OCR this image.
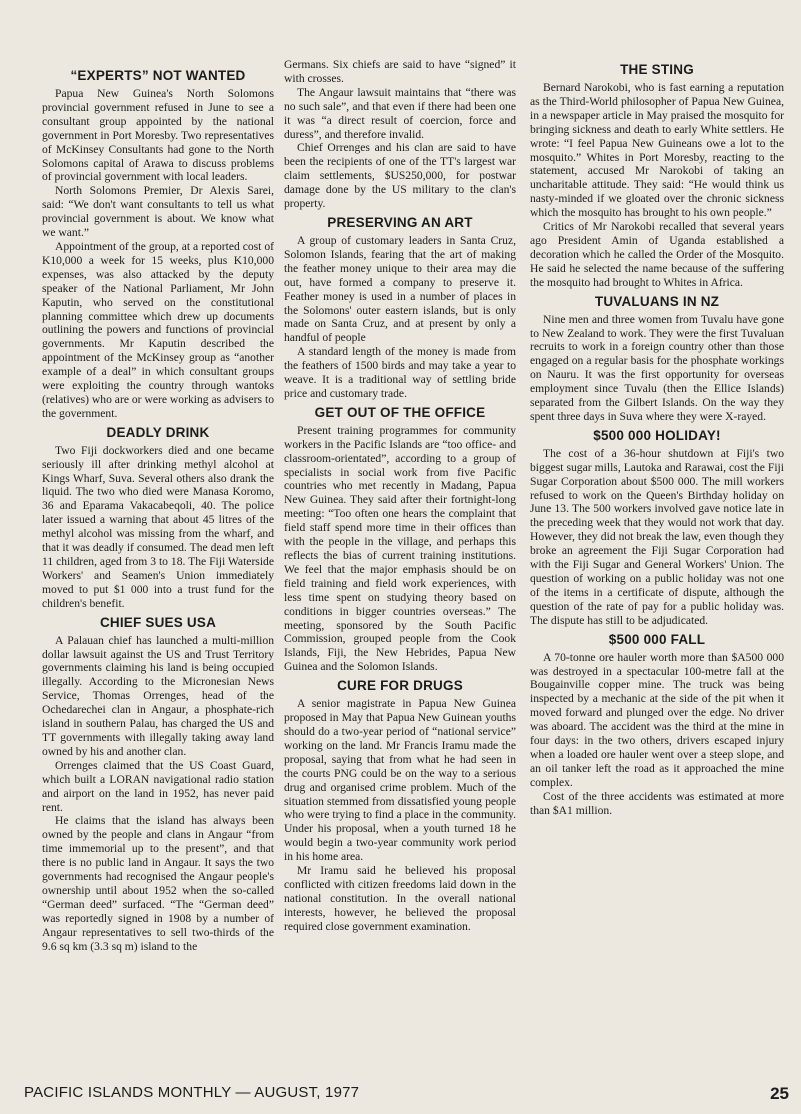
“EXPERTS” NOT WANTED

Papua New Guinea's North Solomons provincial government refused in June to see a consultant group appointed by the national government in Port Moresby. Two representatives of McKinsey Consultants had gone to the North Solomons capital of Arawa to discuss problems of provincial government with local leaders.

North Solomons Premier, Dr Alexis Sarei, said: “We don't want consultants to tell us what provincial government is about. We know what we want.”

Appointment of the group, at a reported cost of K10,000 a week for 15 weeks, plus K10,000 expenses, was also attacked by the deputy speaker of the National Parliament, Mr John Kaputin, who served on the constitutional planning committee which drew up documents outlining the powers and functions of provincial governments. Mr Kaputin described the appointment of the McKinsey group as “another example of a deal” in which consultant groups were exploiting the country through wantoks (relatives) who are or were working as advisers to the government.

DEADLY DRINK

Two Fiji dockworkers died and one became seriously ill after drinking methyl alcohol at Kings Wharf, Suva. Several others also drank the liquid. The two who died were Manasa Koromo, 36 and Eparama Vakacabeqoli, 40. The police later issued a warning that about 45 litres of the methyl alcohol was missing from the wharf, and that it was deadly if consumed. The dead men left 11 children, aged from 3 to 18. The Fiji Waterside Workers' and Seamen's Union immediately moved to put $1 000 into a trust fund for the children's benefit.

CHIEF SUES USA

A Palauan chief has launched a multi-million dollar lawsuit against the US and Trust Territory governments claiming his land is being occupied illegally. According to the Micronesian News Service, Thomas Orrenges, head of the Ochedarechei clan in Angaur, a phosphate-rich island in southern Palau, has charged the US and TT governments with illegally taking away land owned by his and another clan.

Orrenges claimed that the US Coast Guard, which built a LORAN navigational radio station and airport on the land in 1952, has never paid rent.

He claims that the island has always been owned by the people and clans in Angaur “from time immemorial up to the present”, and that there is no public land in Angaur. It says the two governments had recognised the Angaur people's ownership until about 1952 when the so-called “German deed” surfaced. “The “German deed” was reportedly signed in 1908 by a number of Angaur representatives to sell two-thirds of the 9.6 sq km (3.3 sq m) island to the

Germans. Six chiefs are said to have “signed” it with crosses.

The Angaur lawsuit maintains that “there was no such sale”, and that even if there had been one it was “a direct result of coercion, force and duress”, and therefore invalid.

Chief Orrenges and his clan are said to have been the recipients of one of the TT's largest war claim settlements, $US250,000, for postwar damage done by the US military to the clan's property.

PRESERVING AN ART

A group of customary leaders in Santa Cruz, Solomon Islands, fearing that the art of making the feather money unique to their area may die out, have formed a company to preserve it. Feather money is used in a number of places in the Solomons' outer eastern islands, but is only made on Santa Cruz, and at present by only a handful of people

A standard length of the money is made from the feathers of 1500 birds and may take a year to weave. It is a traditional way of settling bride price and customary trade.

GET OUT OF THE OFFICE

Present training programmes for community workers in the Pacific Islands are “too office- and classroom-orientated”, according to a group of specialists in social work from five Pacific countries who met recently in Madang, Papua New Guinea. They said after their fortnight-long meeting: “Too often one hears the complaint that field staff spend more time in their offices than with the people in the village, and perhaps this reflects the bias of current training institutions. We feel that the major emphasis should be on field training and field work experiences, with less time spent on studying theory based on conditions in bigger countries overseas.” The meeting, sponsored by the South Pacific Commission, grouped people from the Cook Islands, Fiji, the New Hebrides, Papua New Guinea and the Solomon Islands.

CURE FOR DRUGS

A senior magistrate in Papua New Guinea proposed in May that Papua New Guinean youths should do a two-year period of “national service” working on the land. Mr Francis Iramu made the proposal, saying that from what he had seen in the courts PNG could be on the way to a serious drug and organised crime problem. Much of the situation stemmed from dissatisfied young people who were trying to find a place in the community. Under his proposal, when a youth turned 18 he would begin a two-year community work period in his home area.

Mr Iramu said he believed his proposal conflicted with citizen freedoms laid down in the national constitution. In the overall national interests, however, he believed the proposal required close government examination.

THE STING

Bernard Narokobi, who is fast earning a reputation as the Third-World philosopher of Papua New Guinea, in a newspaper article in May praised the mosquito for bringing sickness and death to early White settlers. He wrote: “I feel Papua New Guineans owe a lot to the mosquito.” Whites in Port Moresby, reacting to the statement, accused Mr Narokobi of taking an uncharitable attitude. They said: “He would think us nasty-minded if we gloated over the chronic sickness which the mosquito has brought to his own people.”

Critics of Mr Narokobi recalled that several years ago President Amin of Uganda established a decoration which he called the Order of the Mosquito. He said he selected the name because of the suffering the mosquito had brought to Whites in Africa.

TUVALUANS IN NZ

Nine men and three women from Tuvalu have gone to New Zealand to work. They were the first Tuvaluan recruits to work in a foreign country other than those engaged on a regular basis for the phosphate workings on Nauru. It was the first opportunity for overseas employment since Tuvalu (then the Ellice Islands) separated from the Gilbert Islands. On the way they spent three days in Suva where they were X-rayed.

$500 000 HOLIDAY!

The cost of a 36-hour shutdown at Fiji's two biggest sugar mills, Lautoka and Rarawai, cost the Fiji Sugar Corporation about $500 000. The mill workers refused to work on the Queen's Birthday holiday on June 13. The 500 workers involved gave notice late in the preceding week that they would not work that day. However, they did not break the law, even though they broke an agreement the Fiji Sugar Corporation had with the Fiji Sugar and General Workers' Union. The question of working on a public holiday was not one of the items in a certificate of dispute, although the question of the rate of pay for a public holiday was. The dispute has still to be adjudicated.

$500 000 FALL

A 70-tonne ore hauler worth more than $A500 000 was destroyed in a spectacular 100-metre fall at the Bougainville copper mine. The truck was being inspected by a mechanic at the side of the pit when it moved forward and plunged over the edge. No driver was aboard. The accident was the third at the mine in four days: in the two others, drivers escaped injury when a loaded ore hauler went over a steep slope, and an oil tanker left the road as it approached the mine complex.

Cost of the three accidents was estimated at more than $A1 million.

PACIFIC ISLANDS MONTHLY — AUGUST, 1977	25
